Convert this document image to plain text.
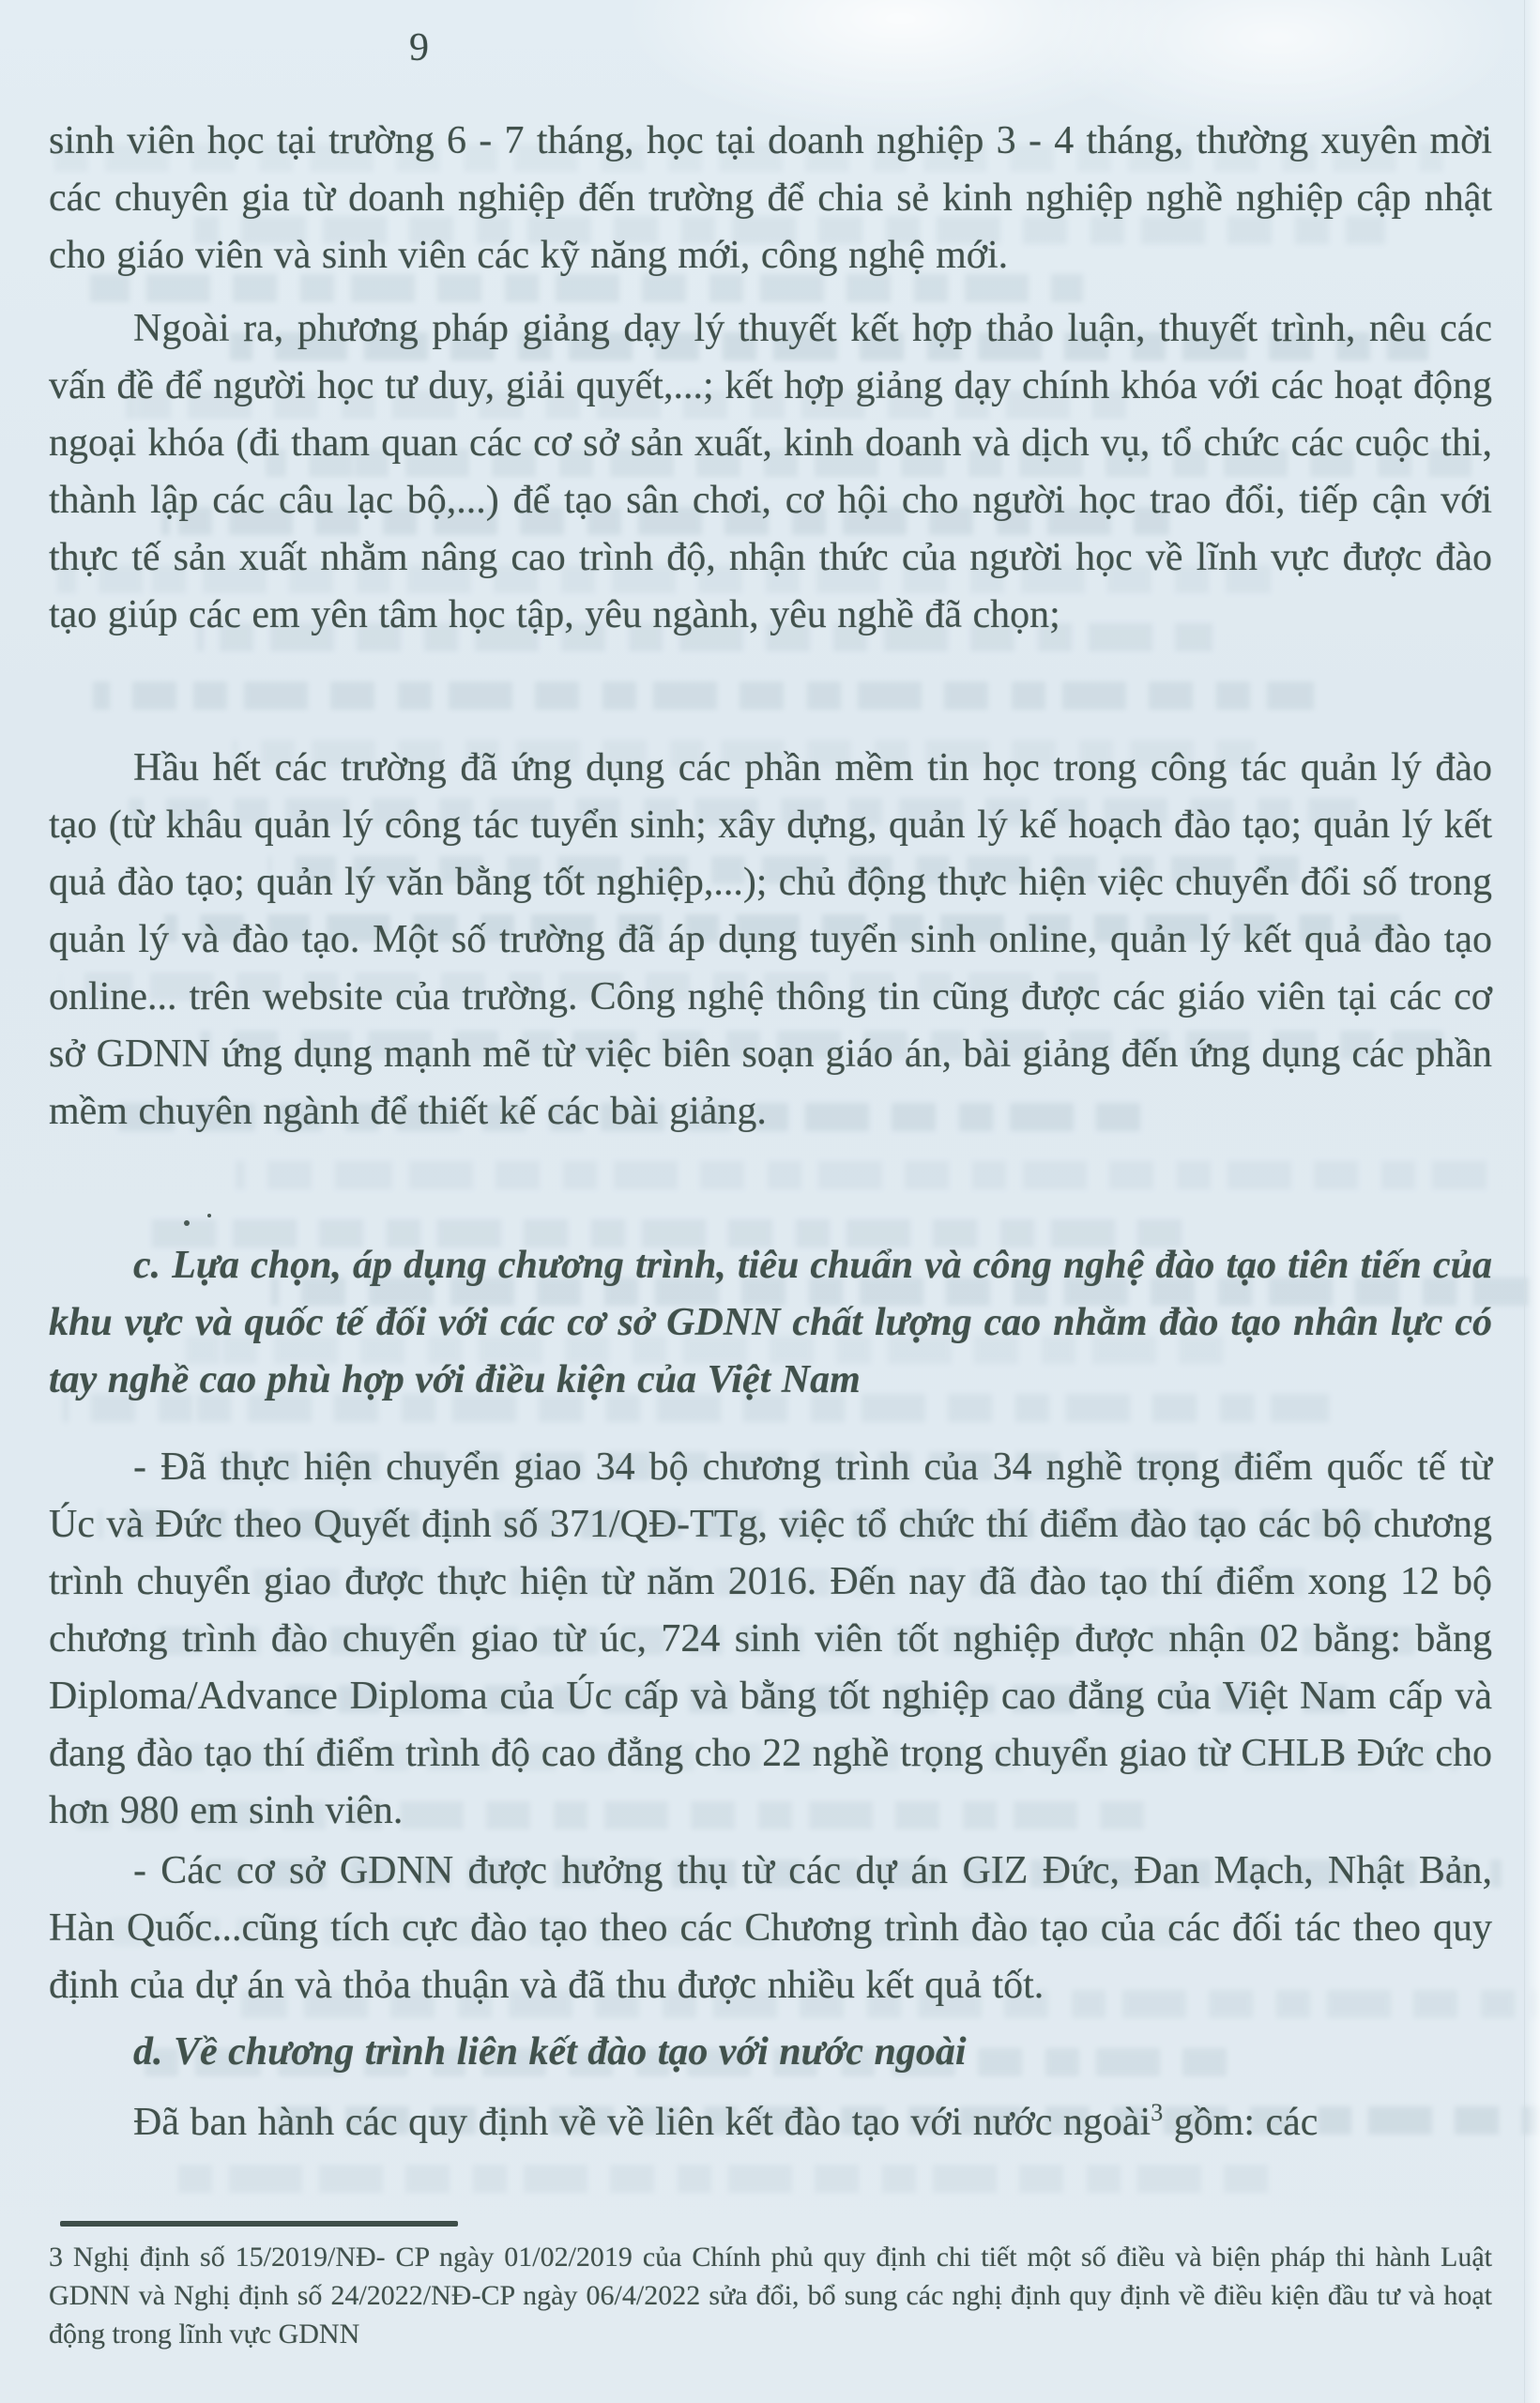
9

sinh viên học tại trường 6 - 7 tháng, học tại doanh nghiệp 3 - 4 tháng, thường xuyên mời các chuyên gia từ doanh nghiệp đến trường để chia sẻ kinh nghiệp nghề nghiệp cập nhật cho giáo viên và sinh viên các kỹ năng mới, công nghệ mới.

Ngoài ra, phương pháp giảng dạy lý thuyết kết hợp thảo luận, thuyết trình, nêu các vấn đề để người học tư duy, giải quyết,...; kết hợp giảng dạy chính khóa với các hoạt động ngoại khóa (đi tham quan các cơ sở sản xuất, kinh doanh và dịch vụ, tổ chức các cuộc thi, thành lập các câu lạc bộ,...) để tạo sân chơi, cơ hội cho người học trao đổi, tiếp cận với thực tế sản xuất nhằm nâng cao trình độ, nhận thức của người học về lĩnh vực được đào tạo giúp các em yên tâm học tập, yêu ngành, yêu nghề đã chọn;

Hầu hết các trường đã ứng dụng các phần mềm tin học trong công tác quản lý đào tạo (từ khâu quản lý công tác tuyển sinh; xây dựng, quản lý kế hoạch đào tạo; quản lý kết quả đào tạo; quản lý văn bằng tốt nghiệp,...); chủ động thực hiện việc chuyển đổi số trong quản lý và đào tạo. Một số trường đã áp dụng tuyển sinh online, quản lý kết quả đào tạo online... trên website của trường. Công nghệ thông tin cũng được các giáo viên tại các cơ sở GDNN ứng dụng mạnh mẽ từ việc biên soạn giáo án, bài giảng đến ứng dụng các phần mềm chuyên ngành để thiết kế các bài giảng.

c. Lựa chọn, áp dụng chương trình, tiêu chuẩn và công nghệ đào tạo tiên tiến của khu vực và quốc tế đối với các cơ sở GDNN chất lượng cao nhằm đào tạo nhân lực có tay nghề cao phù hợp với điều kiện của Việt Nam

- Đã thực hiện chuyển giao 34 bộ chương trình của 34 nghề trọng điểm quốc tế từ Úc và Đức theo Quyết định số 371/QĐ-TTg, việc tổ chức thí điểm đào tạo các bộ chương trình chuyển giao được thực hiện từ năm 2016. Đến nay đã đào tạo thí điểm xong 12 bộ chương trình đào chuyển giao từ úc, 724 sinh viên tốt nghiệp được nhận 02 bằng: bằng Diploma/Advance Diploma của Úc cấp và bằng tốt nghiệp cao đẳng của Việt Nam cấp và đang đào tạo thí điểm trình độ cao đẳng cho 22 nghề trọng chuyển giao từ CHLB Đức cho hơn 980 em sinh viên.

- Các cơ sở GDNN được hưởng thụ từ các dự án GIZ Đức, Đan Mạch, Nhật Bản, Hàn Quốc...cũng tích cực đào tạo theo các Chương trình đào tạo của các đối tác theo quy định của dự án và thỏa thuận và đã thu được nhiều kết quả tốt.

d. Về chương trình liên kết đào tạo với nước ngoài

Đã ban hành các quy định về về liên kết đào tạo với nước ngoài$^3$ gồm: các

3 Nghị định số 15/2019/NĐ- CP ngày 01/02/2019 của Chính phủ quy định chi tiết một số điều và biện pháp thi hành Luật GDNN và Nghị định số 24/2022/NĐ-CP ngày 06/4/2022 sửa đổi, bổ sung các nghị định quy định về điều kiện đầu tư và hoạt động trong lĩnh vực GDNN
